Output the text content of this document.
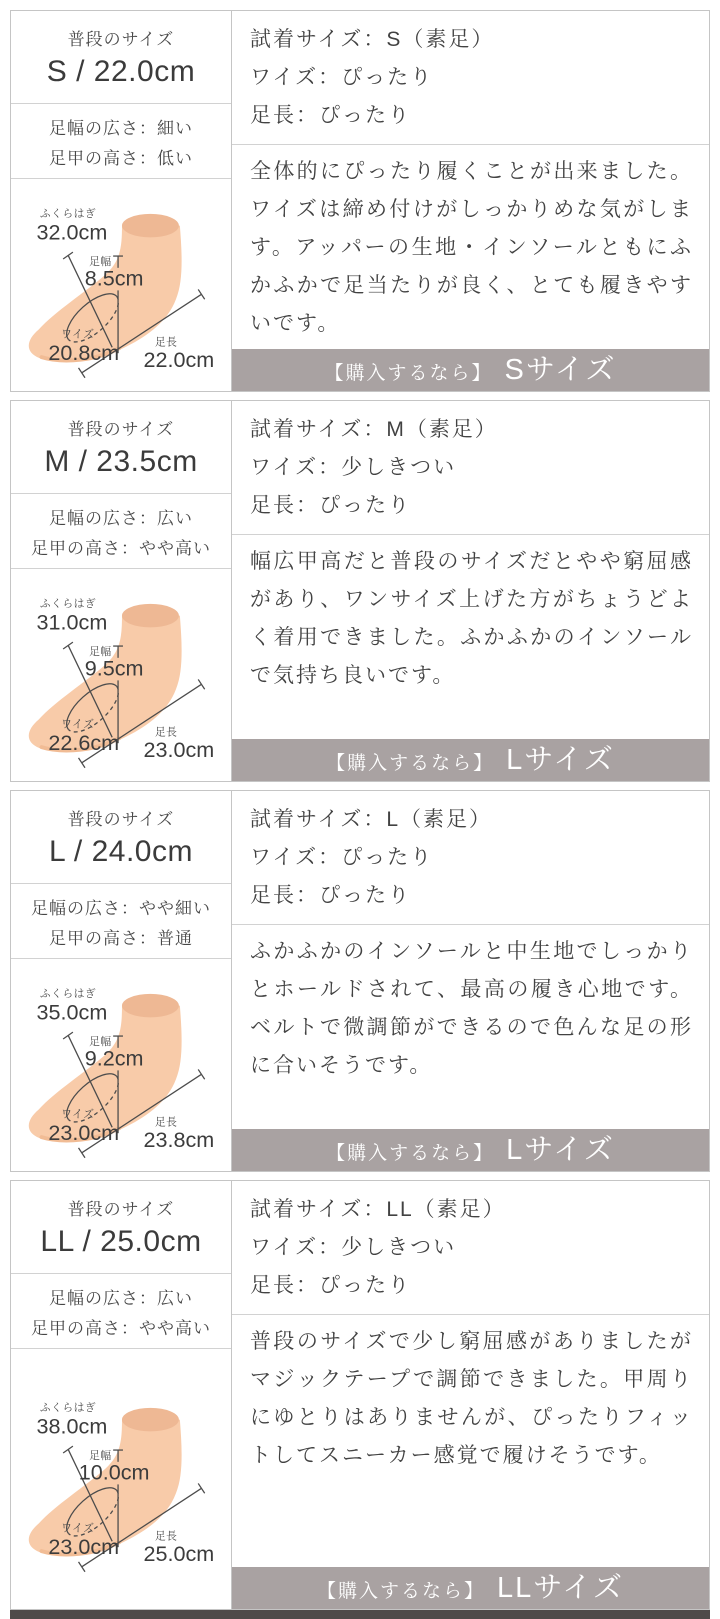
普段のサイズ
S / 22.0cm
足幅の広さ：細い
足甲の高さ：低い
ふくらはぎ
32.0cm
足幅
8.5cm
ワイズ
20.8cm	足長
22.0cm
試着サイズ：S（素足）
ワイズ：ぴったり
足長：ぴったり
全体的にぴったり履くことが出来ました。ワイズは締め付けがしっかりめな気がします。アッパーの生地・インソールともにふかふかで足当たりが良く、とても履きやすいです。
【購入するなら】 Sサイズ
普段のサイズ
M / 23.5cm
足幅の広さ：広い
足甲の高さ：やや高い
ふくらはぎ
31.0cm
足幅
9.5cm
ワイズ
22.6cm	足長
23.0cm
試着サイズ：M（素足）
ワイズ：少しきつい
足長：ぴったり
幅広甲高だと普段のサイズだとやや窮屈感があり、ワンサイズ上げた方がちょうどよく着用できました。ふかふかのインソールで気持ち良いです。
【購入するなら】 Lサイズ
普段のサイズ
L / 24.0cm
足幅の広さ：やや細い
足甲の高さ：普通
ふくらはぎ
35.0cm
足幅
9.2cm
ワイズ
23.0cm	足長
23.8cm
試着サイズ：L（素足）
ワイズ：ぴったり
足長：ぴったり
ふかふかのインソールと中生地でしっかりとホールドされて、最高の履き心地です。ベルトで微調節ができるので色んな足の形に合いそうです。
【購入するなら】 Lサイズ
普段のサイズ
LL / 25.0cm
足幅の広さ：広い
足甲の高さ：やや高い
ふくらはぎ
38.0cm
足幅
10.0cm
ワイズ
23.0cm	足長
25.0cm
試着サイズ：LL（素足）
ワイズ：少しきつい
足長：ぴったり
普段のサイズで少し窮屈感がありましたがマジックテープで調節できました。甲周りにゆとりはありませんが、ぴったりフィットしてスニーカー感覚で履けそうです。
【購入するなら】 LLサイズ
